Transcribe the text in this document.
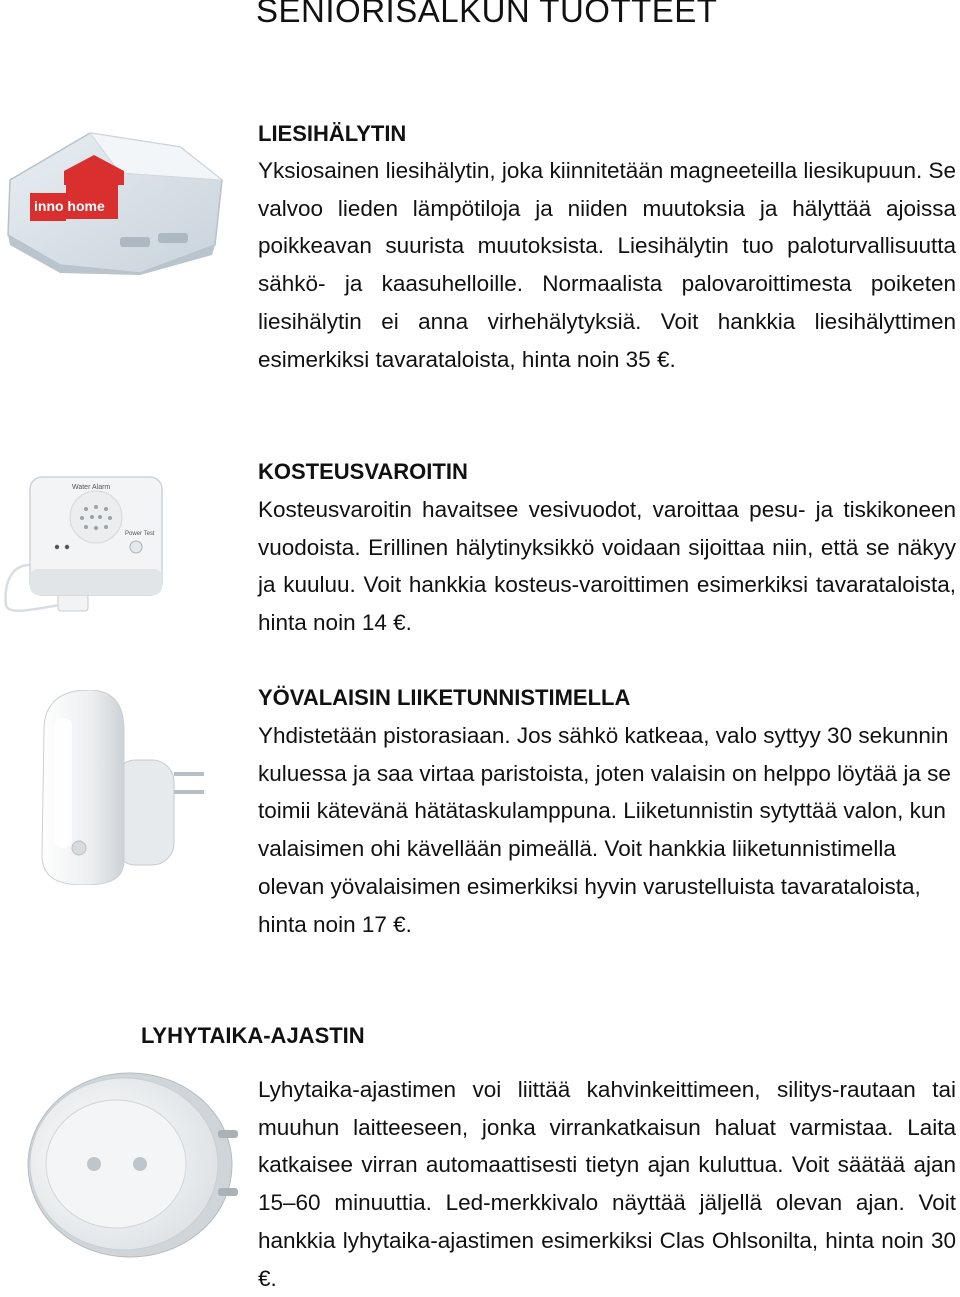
SENIORISALKUN TUOTTEET
inno home
LIESIHÄLYTIN

Yksiosainen liesihälytin, joka kiinnitetään magneeteilla liesikupuun. Se valvoo lieden lämpötiloja ja niiden muutoksia ja hälyttää ajoissa poikkeavan suurista muutoksista. Liesihälytin tuo paloturvallisuutta sähkö- ja kaasuhelloille. Normaalista palovaroittimesta poiketen liesihälytin ei anna virhehälytyksiä. Voit hankkia liesihälyttimen esimerkiksi tavarataloista, hinta noin 35 €.

Water Alarm
Power Test
KOSTEUSVAROITIN

Kosteusvaroitin havaitsee vesivuodot, varoittaa pesu- ja tiskikoneen vuodoista. Erillinen hälytinyksikkö voidaan sijoittaa niin, että se näkyy ja kuuluu. Voit hankkia kosteus-varoittimen esimerkiksi tavarataloista, hinta noin 14 €.

YÖVALAISIN LIIKETUNNISTIMELLA

Yhdistetään pistorasiaan. Jos sähkö katkeaa, valo syttyy 30 sekunnin kuluessa ja saa virtaa paristoista, joten valaisin on helppo löytää ja se toimii kätevänä hätätaskulamppuna. Liiketunnistin sytyttää valon, kun valaisimen ohi kävellään pimeällä. Voit hankkia liiketunnistimella olevan yövalaisimen esimerkiksi hyvin varustelluista tavarataloista, hinta noin 17 €.

LYHYTAIKA-AJASTIN

Lyhytaika-ajastimen voi liittää kahvinkeittimeen, silitys-rautaan tai muuhun laitteeseen, jonka virrankatkaisun haluat varmistaa. Laita katkaisee virran automaattisesti tietyn ajan kuluttua. Voit säätää ajan 15–60 minuuttia. Led-merkkivalo näyttää jäljellä olevan ajan. Voit hankkia lyhytaika-ajastimen esimerkiksi Clas Ohlsonilta, hinta noin 30 €.
